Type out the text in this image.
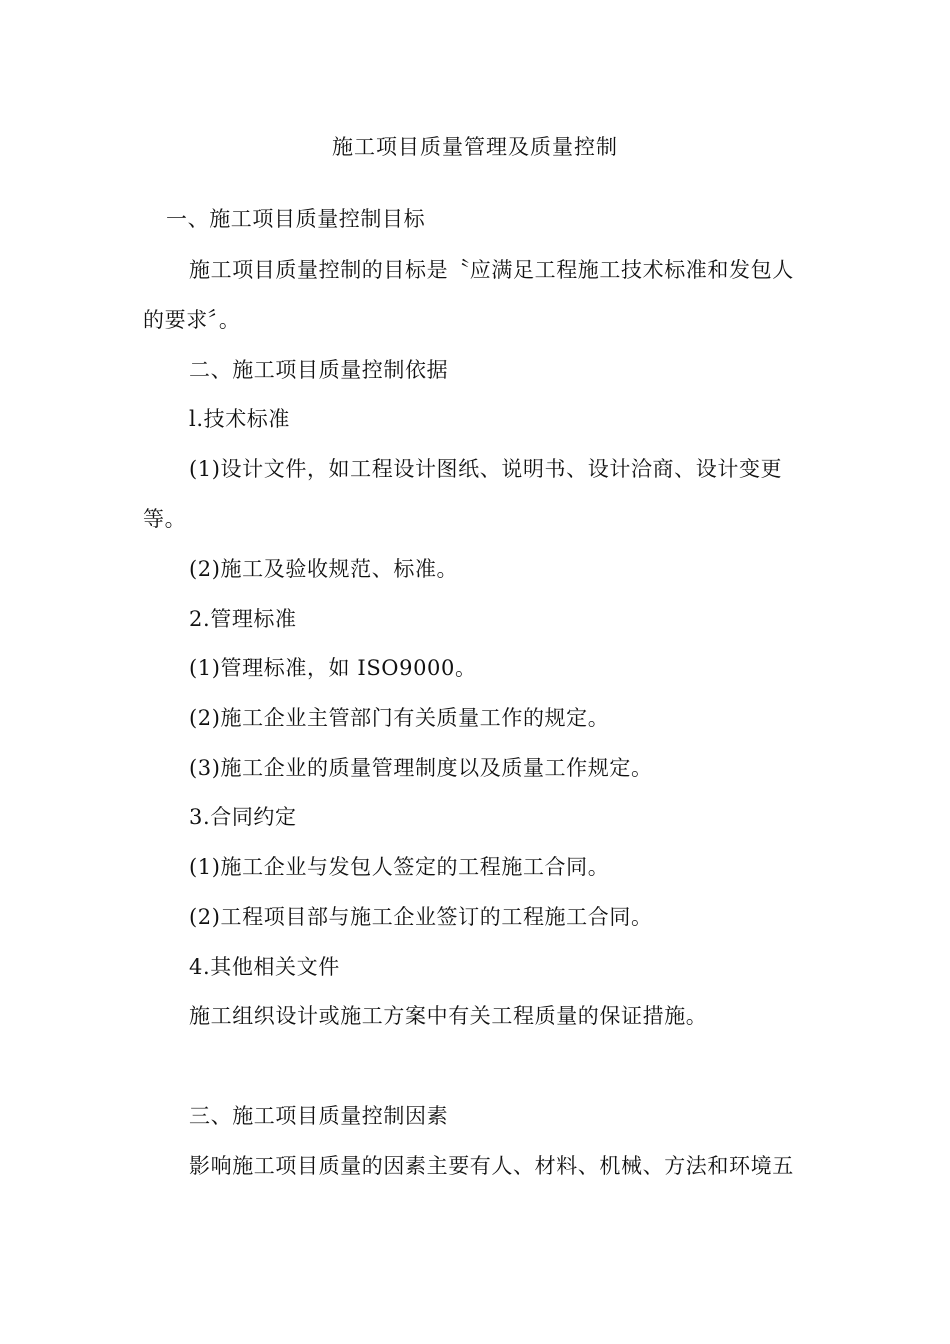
施工项目质量管理及质量控制
一、施工项目质量控制目标
施工项目质量控制的目标是〝应满足工程施工技术标准和发包人
的要求〞。
二、施工项目质量控制依据
l.技术标准
(1)设计文件，如工程设计图纸、说明书、设计洽商、设计变更
等。
(2)施工及验收规范、标准。
2.管理标准
(1)管理标准，如 ISO9000。
(2)施工企业主管部门有关质量工作的规定。
(3)施工企业的质量管理制度以及质量工作规定。
3.合同约定
(1)施工企业与发包人签定的工程施工合同。
(2)工程项目部与施工企业签订的工程施工合同。
4.其他相关文件
施工组织设计或施工方案中有关工程质量的保证措施。
三、施工项目质量控制因素
影响施工项目质量的因素主要有人、材料、机械、方法和环境五
